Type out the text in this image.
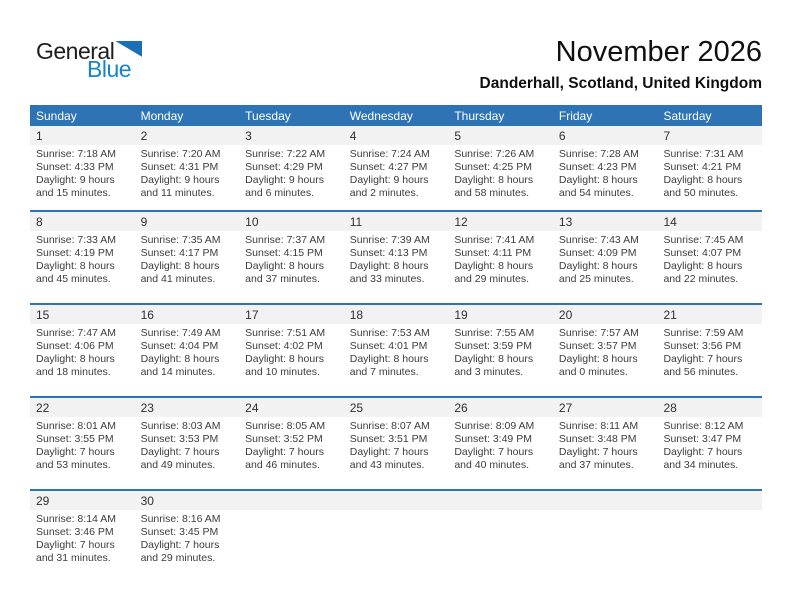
General
Blue
November 2026
Danderhall, Scotland, United Kingdom
Sunday	Monday	Tuesday	Wednesday	Thursday	Friday	Saturday
1	2	3	4	5	6	7
Sunrise: 7:18 AM
Sunset: 4:33 PM
Daylight: 9 hours and 15 minutes.
Sunrise: 7:20 AM
Sunset: 4:31 PM
Daylight: 9 hours and 11 minutes.
Sunrise: 7:22 AM
Sunset: 4:29 PM
Daylight: 9 hours and 6 minutes.
Sunrise: 7:24 AM
Sunset: 4:27 PM
Daylight: 9 hours and 2 minutes.
Sunrise: 7:26 AM
Sunset: 4:25 PM
Daylight: 8 hours and 58 minutes.
Sunrise: 7:28 AM
Sunset: 4:23 PM
Daylight: 8 hours and 54 minutes.
Sunrise: 7:31 AM
Sunset: 4:21 PM
Daylight: 8 hours and 50 minutes.
8	9	10	11	12	13	14
Sunrise: 7:33 AM
Sunset: 4:19 PM
Daylight: 8 hours and 45 minutes.
Sunrise: 7:35 AM
Sunset: 4:17 PM
Daylight: 8 hours and 41 minutes.
Sunrise: 7:37 AM
Sunset: 4:15 PM
Daylight: 8 hours and 37 minutes.
Sunrise: 7:39 AM
Sunset: 4:13 PM
Daylight: 8 hours and 33 minutes.
Sunrise: 7:41 AM
Sunset: 4:11 PM
Daylight: 8 hours and 29 minutes.
Sunrise: 7:43 AM
Sunset: 4:09 PM
Daylight: 8 hours and 25 minutes.
Sunrise: 7:45 AM
Sunset: 4:07 PM
Daylight: 8 hours and 22 minutes.
15	16	17	18	19	20	21
Sunrise: 7:47 AM
Sunset: 4:06 PM
Daylight: 8 hours and 18 minutes.
Sunrise: 7:49 AM
Sunset: 4:04 PM
Daylight: 8 hours and 14 minutes.
Sunrise: 7:51 AM
Sunset: 4:02 PM
Daylight: 8 hours and 10 minutes.
Sunrise: 7:53 AM
Sunset: 4:01 PM
Daylight: 8 hours and 7 minutes.
Sunrise: 7:55 AM
Sunset: 3:59 PM
Daylight: 8 hours and 3 minutes.
Sunrise: 7:57 AM
Sunset: 3:57 PM
Daylight: 8 hours and 0 minutes.
Sunrise: 7:59 AM
Sunset: 3:56 PM
Daylight: 7 hours and 56 minutes.
22	23	24	25	26	27	28
Sunrise: 8:01 AM
Sunset: 3:55 PM
Daylight: 7 hours and 53 minutes.
Sunrise: 8:03 AM
Sunset: 3:53 PM
Daylight: 7 hours and 49 minutes.
Sunrise: 8:05 AM
Sunset: 3:52 PM
Daylight: 7 hours and 46 minutes.
Sunrise: 8:07 AM
Sunset: 3:51 PM
Daylight: 7 hours and 43 minutes.
Sunrise: 8:09 AM
Sunset: 3:49 PM
Daylight: 7 hours and 40 minutes.
Sunrise: 8:11 AM
Sunset: 3:48 PM
Daylight: 7 hours and 37 minutes.
Sunrise: 8:12 AM
Sunset: 3:47 PM
Daylight: 7 hours and 34 minutes.
29	30
Sunrise: 8:14 AM
Sunset: 3:46 PM
Daylight: 7 hours and 31 minutes.
Sunrise: 8:16 AM
Sunset: 3:45 PM
Daylight: 7 hours and 29 minutes.
